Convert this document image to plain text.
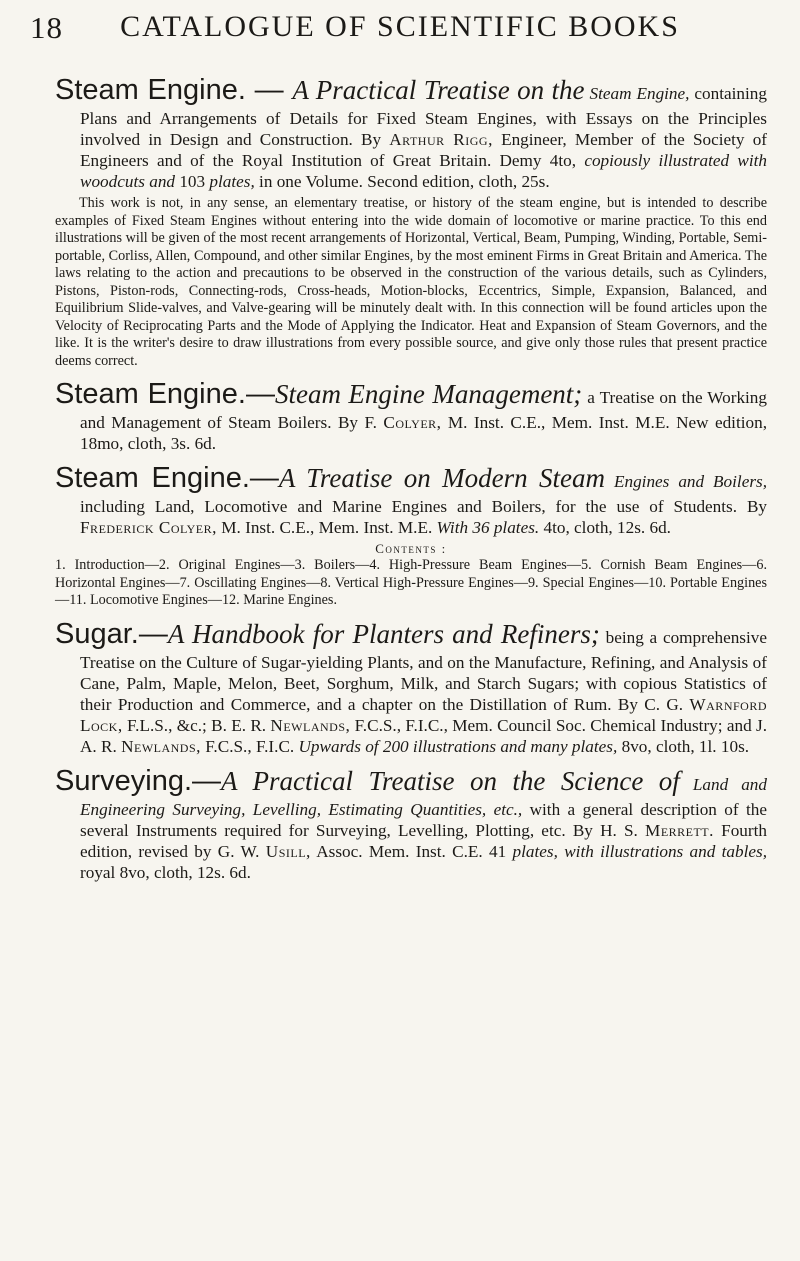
18	CATALOGUE OF SCIENTIFIC BOOKS

Steam Engine. — A Practical Treatise on the Steam Engine, containing Plans and Arrangements of Details for Fixed Steam Engines, with Essays on the Principles involved in Design and Construction. By Arthur Rigg, Engineer, Member of the Society of Engineers and of the Royal Institution of Great Britain. Demy 4to, copiously illustrated with woodcuts and 103 plates, in one Volume. Second edition, cloth, 25s.

This work is not, in any sense, an elementary treatise, or history of the steam engine, but is intended to describe examples of Fixed Steam Engines without entering into the wide domain of locomotive or marine practice. To this end illustrations will be given of the most recent arrangements of Horizontal, Vertical, Beam, Pumping, Winding, Portable, Semi-portable, Corliss, Allen, Compound, and other similar Engines, by the most eminent Firms in Great Britain and America. The laws relating to the action and precautions to be observed in the construction of the various details, such as Cylinders, Pistons, Piston-rods, Connecting-rods, Cross-heads, Motion-blocks, Eccentrics, Simple, Expansion, Balanced, and Equilibrium Slide-valves, and Valve-gearing will be minutely dealt with. In this connection will be found articles upon the Velocity of Reciprocating Parts and the Mode of Applying the Indicator. Heat and Expansion of Steam Governors, and the like. It is the writer's desire to draw illustrations from every possible source, and give only those rules that present practice deems correct.

Steam Engine.—Steam Engine Management; a Treatise on the Working and Management of Steam Boilers. By F. Colyer, M. Inst. C.E., Mem. Inst. M.E. New edition, 18mo, cloth, 3s. 6d.

Steam Engine.—A Treatise on Modern Steam Engines and Boilers, including Land, Locomotive and Marine Engines and Boilers, for the use of Students. By Frederick Colyer, M. Inst. C.E., Mem. Inst. M.E. With 36 plates. 4to, cloth, 12s. 6d.

Contents :

1. Introduction—2. Original Engines—3. Boilers—4. High-Pressure Beam Engines—5. Cornish Beam Engines—6. Horizontal Engines—7. Oscillating Engines—8. Vertical High-Pressure Engines—9. Special Engines—10. Portable Engines—11. Locomotive Engines—12. Marine Engines.

Sugar.—A Handbook for Planters and Refiners; being a comprehensive Treatise on the Culture of Sugar-yielding Plants, and on the Manufacture, Refining, and Analysis of Cane, Palm, Maple, Melon, Beet, Sorghum, Milk, and Starch Sugars; with copious Statistics of their Production and Commerce, and a chapter on the Distillation of Rum. By C. G. Warnford Lock, F.L.S., &c.; B. E. R. Newlands, F.C.S., F.I.C., Mem. Council Soc. Chemical Industry; and J. A. R. Newlands, F.C.S., F.I.C. Upwards of 200 illustrations and many plates, 8vo, cloth, 1l. 10s.

Surveying.—A Practical Treatise on the Science of Land and Engineering Surveying, Levelling, Estimating Quantities, etc., with a general description of the several Instruments required for Surveying, Levelling, Plotting, etc. By H. S. Merrett. Fourth edition, revised by G. W. Usill, Assoc. Mem. Inst. C.E. 41 plates, with illustrations and tables, royal 8vo, cloth, 12s. 6d.
